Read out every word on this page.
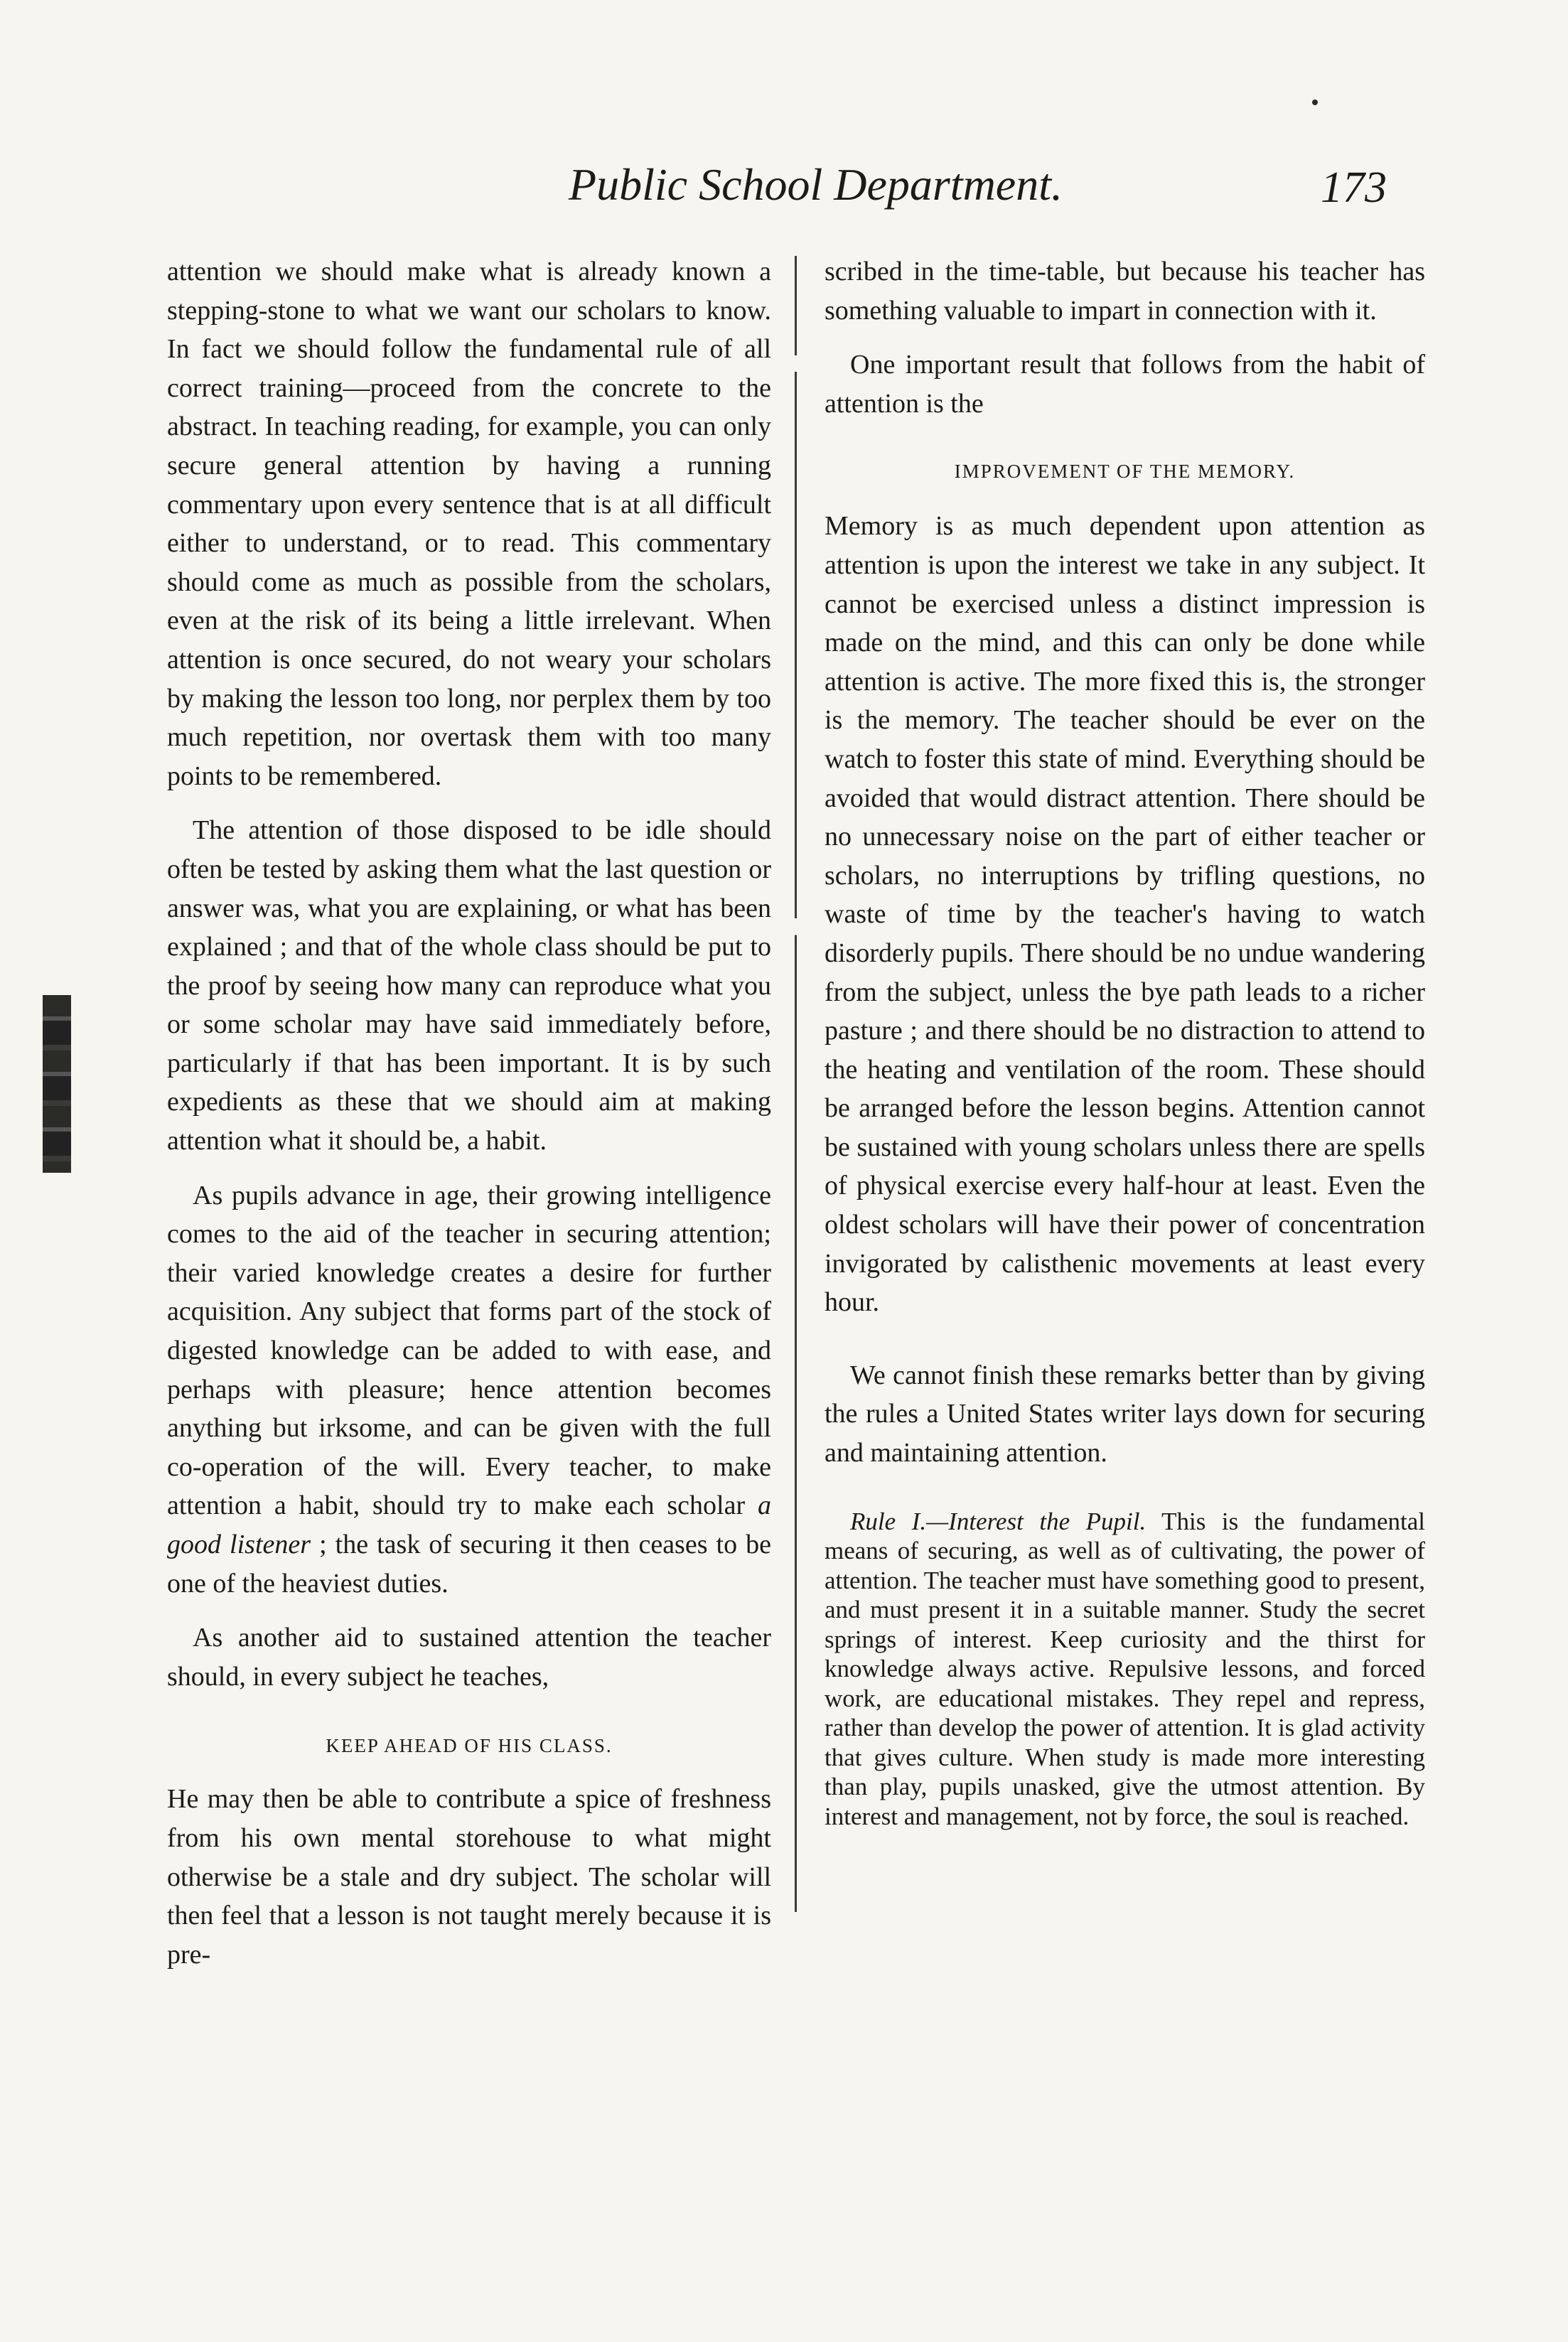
Public School Department.	173

attention we should make what is already known a stepping-stone to what we want our scholars to know. In fact we should follow the fundamental rule of all correct training—proceed from the concrete to the abstract. In teaching reading, for example, you can only secure general attention by having a running commentary upon every sentence that is at all difficult either to understand, or to read. This commentary should come as much as possible from the scholars, even at the risk of its being a little irrelevant. When attention is once secured, do not weary your scholars by making the lesson too long, nor perplex them by too much repetition, nor overtask them with too many points to be remembered.

The attention of those disposed to be idle should often be tested by asking them what the last question or answer was, what you are explaining, or what has been explained ; and that of the whole class should be put to the proof by seeing how many can reproduce what you or some scholar may have said immediately before, particularly if that has been important. It is by such expedients as these that we should aim at making attention what it should be, a habit.

As pupils advance in age, their growing intelligence comes to the aid of the teacher in securing attention; their varied knowledge creates a desire for further acquisition. Any subject that forms part of the stock of digested knowledge can be added to with ease, and perhaps with pleasure; hence attention becomes anything but irksome, and can be given with the full co-operation of the will. Every teacher, to make attention a habit, should try to make each scholar a good listener ; the task of securing it then ceases to be one of the heaviest duties.

As another aid to sustained attention the teacher should, in every subject he teaches,

KEEP AHEAD OF HIS CLASS.

He may then be able to contribute a spice of freshness from his own mental storehouse to what might otherwise be a stale and dry subject. The scholar will then feel that a lesson is not taught merely because it is pre-

scribed in the time-table, but because his teacher has something valuable to impart in connection with it.

One important result that follows from the habit of attention is the

IMPROVEMENT OF THE MEMORY.

Memory is as much dependent upon attention as attention is upon the interest we take in any subject. It cannot be exercised unless a distinct impression is made on the mind, and this can only be done while attention is active. The more fixed this is, the stronger is the memory. The teacher should be ever on the watch to foster this state of mind. Everything should be avoided that would distract attention. There should be no unnecessary noise on the part of either teacher or scholars, no interruptions by trifling questions, no waste of time by the teacher's having to watch disorderly pupils. There should be no undue wandering from the subject, unless the bye path leads to a richer pasture ; and there should be no distraction to attend to the heating and ventilation of the room. These should be arranged before the lesson begins. Attention cannot be sustained with young scholars unless there are spells of physical exercise every half-hour at least. Even the oldest scholars will have their power of concentration invigorated by calisthenic movements at least every hour.

We cannot finish these remarks better than by giving the rules a United States writer lays down for securing and maintaining attention.

Rule I.—Interest the Pupil. This is the fundamental means of securing, as well as of cultivating, the power of attention. The teacher must have something good to present, and must present it in a suitable manner. Study the secret springs of interest. Keep curiosity and the thirst for knowledge always active. Repulsive lessons, and forced work, are educational mistakes. They repel and repress, rather than develop the power of attention. It is glad activity that gives culture. When study is made more interesting than play, pupils unasked, give the utmost attention. By interest and management, not by force, the soul is reached.
